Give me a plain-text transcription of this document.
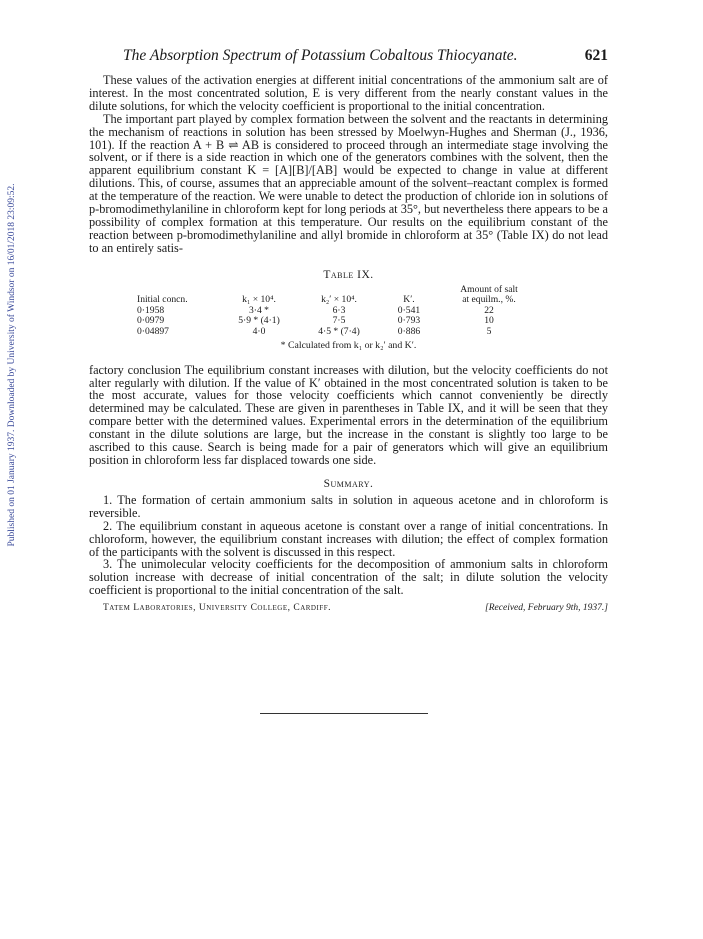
Published on 01 January 1937. Downloaded by University of Windsor on 16/01/2018 23:09:52.
The Absorption Spectrum of Potassium Cobaltous Thiocyanate.	621

These values of the activation energies at different initial concentrations of the ammonium salt are of interest. In the most concentrated solution, E is very different from the nearly constant values in the dilute solutions, for which the velocity coefficient is proportional to the initial concentration.

The important part played by complex formation between the solvent and the reactants in determining the mechanism of reactions in solution has been stressed by Moelwyn-Hughes and Sherman (J., 1936, 101). If the reaction A + B ⇌ AB is considered to proceed through an intermediate stage involving the solvent, or if there is a side reaction in which one of the generators combines with the solvent, then the apparent equilibrium constant K = [A][B]/[AB] would be expected to change in value at different dilutions. This, of course, assumes that an appreciable amount of the solvent–reactant complex is formed at the temperature of the reaction. We were unable to detect the production of chloride ion in solutions of p-bromodimethylaniline in chloroform kept for long periods at 35°, but nevertheless there appears to be a possibility of complex formation at this temperature. Our results on the equilibrium constant of the reaction between p-bromodimethylaniline and allyl bromide in chloroform at 35° (Table IX) do not lead to an entirely satis-

Table IX.
Initial concn.	k₁ × 10⁴.	k₂′ × 10⁴.	K′.	Amount of salt
at equilm., %.
0·1958	3·4 *	6·3	0·541	22
0·0979	5·9 * (4·1)	7·5	0·793	10
0·04897	4·0	4·5 * (7·4)	0·886	5
* Calculated from k₁ or k₂′ and K′.

factory conclusion The equilibrium constant increases with dilution, but the velocity coefficients do not alter regularly with dilution. If the value of K′ obtained in the most concentrated solution is taken to be the most accurate, values for those velocity coefficients which cannot conveniently be directly determined may be calculated. These are given in parentheses in Table IX, and it will be seen that they compare better with the determined values. Experimental errors in the determination of the equilibrium constant in the dilute solutions are large, but the increase in the constant is slightly too large to be ascribed to this cause. Search is being made for a pair of generators which will give an equilibrium position in chloroform less far displaced towards one side.

Summary.

1. The formation of certain ammonium salts in solution in aqueous acetone and in chloroform is reversible.

2. The equilibrium constant in aqueous acetone is constant over a range of initial concentrations. In chloroform, however, the equilibrium constant increases with dilution; the effect of complex formation of the participants with the solvent is discussed in this respect.

3. The unimolecular velocity coefficients for the decomposition of ammonium salts in chloroform solution increase with decrease of initial concentration of the salt; in dilute solution the velocity coefficient is proportional to the initial concentration of the salt.

Tatem Laboratories, University College, Cardiff.	[Received, February 9th, 1937.]
